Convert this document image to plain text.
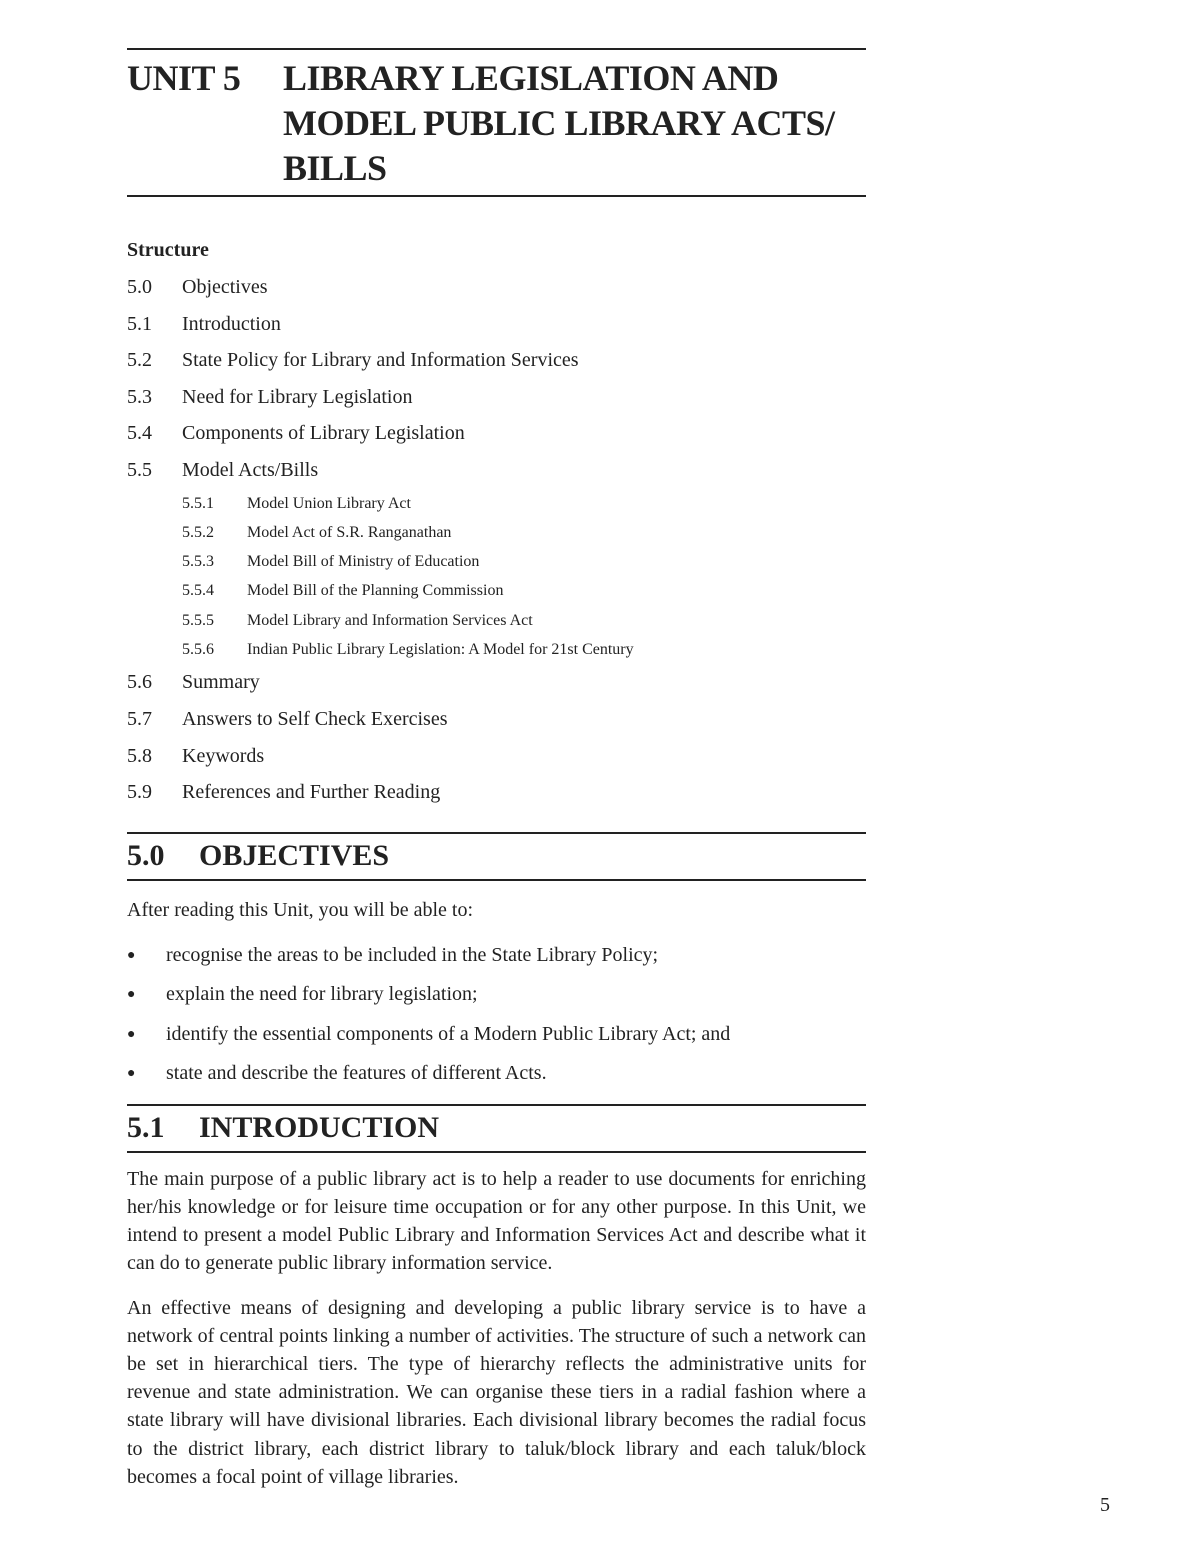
UNIT 5	LIBRARY LEGISLATION AND MODEL PUBLIC LIBRARY ACTS/ BILLS
Structure
5.0	Objectives
5.1	Introduction
5.2	State Policy for Library and Information Services
5.3	Need for Library Legislation
5.4	Components of Library Legislation
5.5	Model Acts/Bills
5.5.1	Model Union Library Act
5.5.2	Model Act of S.R. Ranganathan
5.5.3	Model Bill of Ministry of Education
5.5.4	Model Bill of the Planning Commission
5.5.5	Model Library and Information Services Act
5.5.6	Indian Public Library Legislation: A Model for 21st Century
5.6	Summary
5.7	Answers to Self Check Exercises
5.8	Keywords
5.9	References and Further Reading
5.0	OBJECTIVES
After reading this Unit, you will be able to:
●	recognise the areas to be included in the State Library Policy;
●	explain the need for library legislation;
●	identify the essential components of a Modern Public Library Act; and
●	state and describe the features of different Acts.
5.1	INTRODUCTION

The main purpose of a public library act is to help a reader to use documents for enriching her/his knowledge or for leisure time occupation or for any other purpose. In this Unit, we intend to present a model Public Library and Information Services Act and describe what it can do to generate public library information service.

An effective means of designing and developing a public library service is to have a network of central points linking a number of activities. The structure of such a network can be set in hierarchical tiers. The type of hierarchy reflects the administrative units for revenue and state administration. We can organise these tiers in a radial fashion where a state library will have divisional libraries. Each divisional library becomes the radial focus to the district library, each district library to taluk/block library and each taluk/block becomes a focal point of village libraries.

5
